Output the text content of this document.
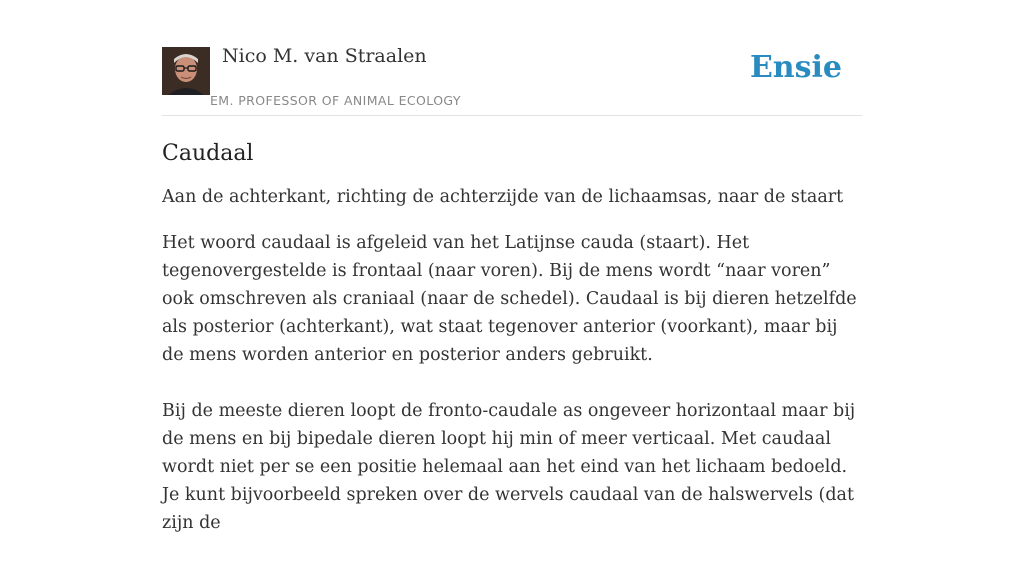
Nico M. van Straalen
EM. PROFESSOR OF ANIMAL ECOLOGY
Ensie
Caudaal

Aan de achterkant, richting de achterzijde van de lichaamsas, naar de staart

Het woord caudaal is afgeleid van het Latijnse cauda (staart). Het tegenovergestelde is frontaal (naar voren). Bij de mens wordt “naar voren” ook omschreven als craniaal (naar de schedel). Caudaal is bij dieren hetzelfde als posterior (achterkant), wat staat tegenover anterior (voorkant), maar bij de mens worden anterior en posterior anders gebruikt.

Bij de meeste dieren loopt de fronto-caudale as ongeveer horizontaal maar bij de mens en bij bipedale dieren loopt hij min of meer verticaal. Met caudaal wordt niet per se een positie helemaal aan het eind van het lichaam bedoeld. Je kunt bijvoorbeeld spreken over de wervels caudaal van de halswervels (dat zijn de
